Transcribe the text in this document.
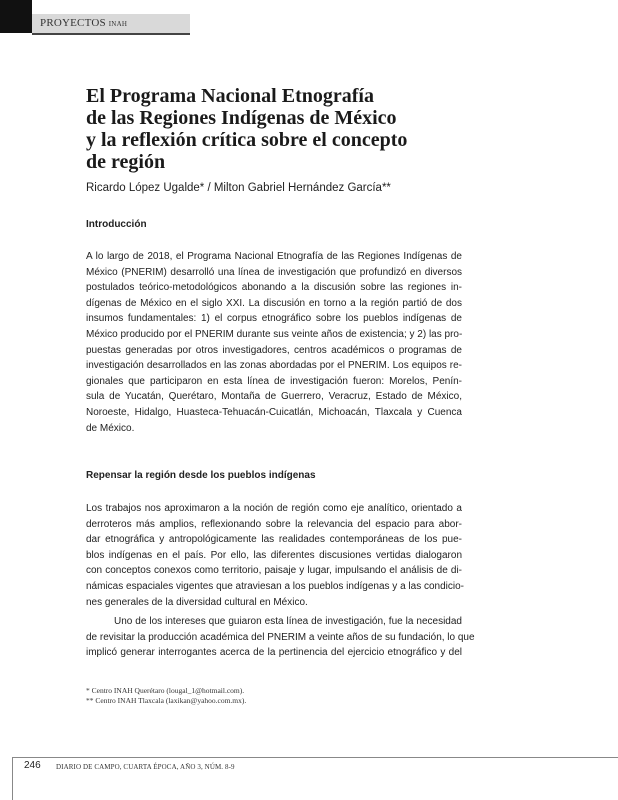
PROYECTOS INAH
El Programa Nacional Etnografía
de las Regiones Indígenas de México
y la reflexión crítica sobre el concepto
de región
Ricardo López Ugalde* / Milton Gabriel Hernández García**
Introducción
A lo largo de 2018, el Programa Nacional Etnografía de las Regiones Indígenas de
México (PNERIM) desarrolló una línea de investigación que profundizó en diversos
postulados teórico-metodológicos abonando a la discusión sobre las regiones in-
dígenas de México en el siglo XXI. La discusión en torno a la región partió de dos
insumos fundamentales: 1) el corpus etnográfico sobre los pueblos indígenas de
México producido por el PNERIM durante sus veinte años de existencia; y 2) las pro-
puestas generadas por otros investigadores, centros académicos o programas de
investigación desarrollados en las zonas abordadas por el PNERIM. Los equipos re-
gionales que participaron en esta línea de investigación fueron: Morelos, Penín-
sula de Yucatán, Querétaro, Montaña de Guerrero, Veracruz, Estado de México,
Noroeste, Hidalgo, Huasteca-Tehuacán-Cuicatlán, Michoacán, Tlaxcala y Cuenca
de México.
Repensar la región desde los pueblos indígenas
Los trabajos nos aproximaron a la noción de región como eje analítico, orientado a
derroteros más amplios, reflexionando sobre la relevancia del espacio para abor-
dar etnográfica y antropológicamente las realidades contemporáneas de los pue-
blos indígenas en el país. Por ello, las diferentes discusiones vertidas dialogaron
con conceptos conexos como territorio, paisaje y lugar, impulsando el análisis de di-
námicas espaciales vigentes que atraviesan a los pueblos indígenas y a las condicio-
nes generales de la diversidad cultural en México.
Uno de los intereses que guiaron esta línea de investigación, fue la necesidad
de revisitar la producción académica del PNERIM a veinte años de su fundación, lo que
implicó generar interrogantes acerca de la pertinencia del ejercicio etnográfico y del
* Centro INAH Querétaro (lougal_1@hotmail.com).
** Centro INAH Tlaxcala (laxikan@yahoo.com.mx).
246 DIARIO DE CAMPO, CUARTA ÉPOCA, AÑO 3, NÚM. 8-9
